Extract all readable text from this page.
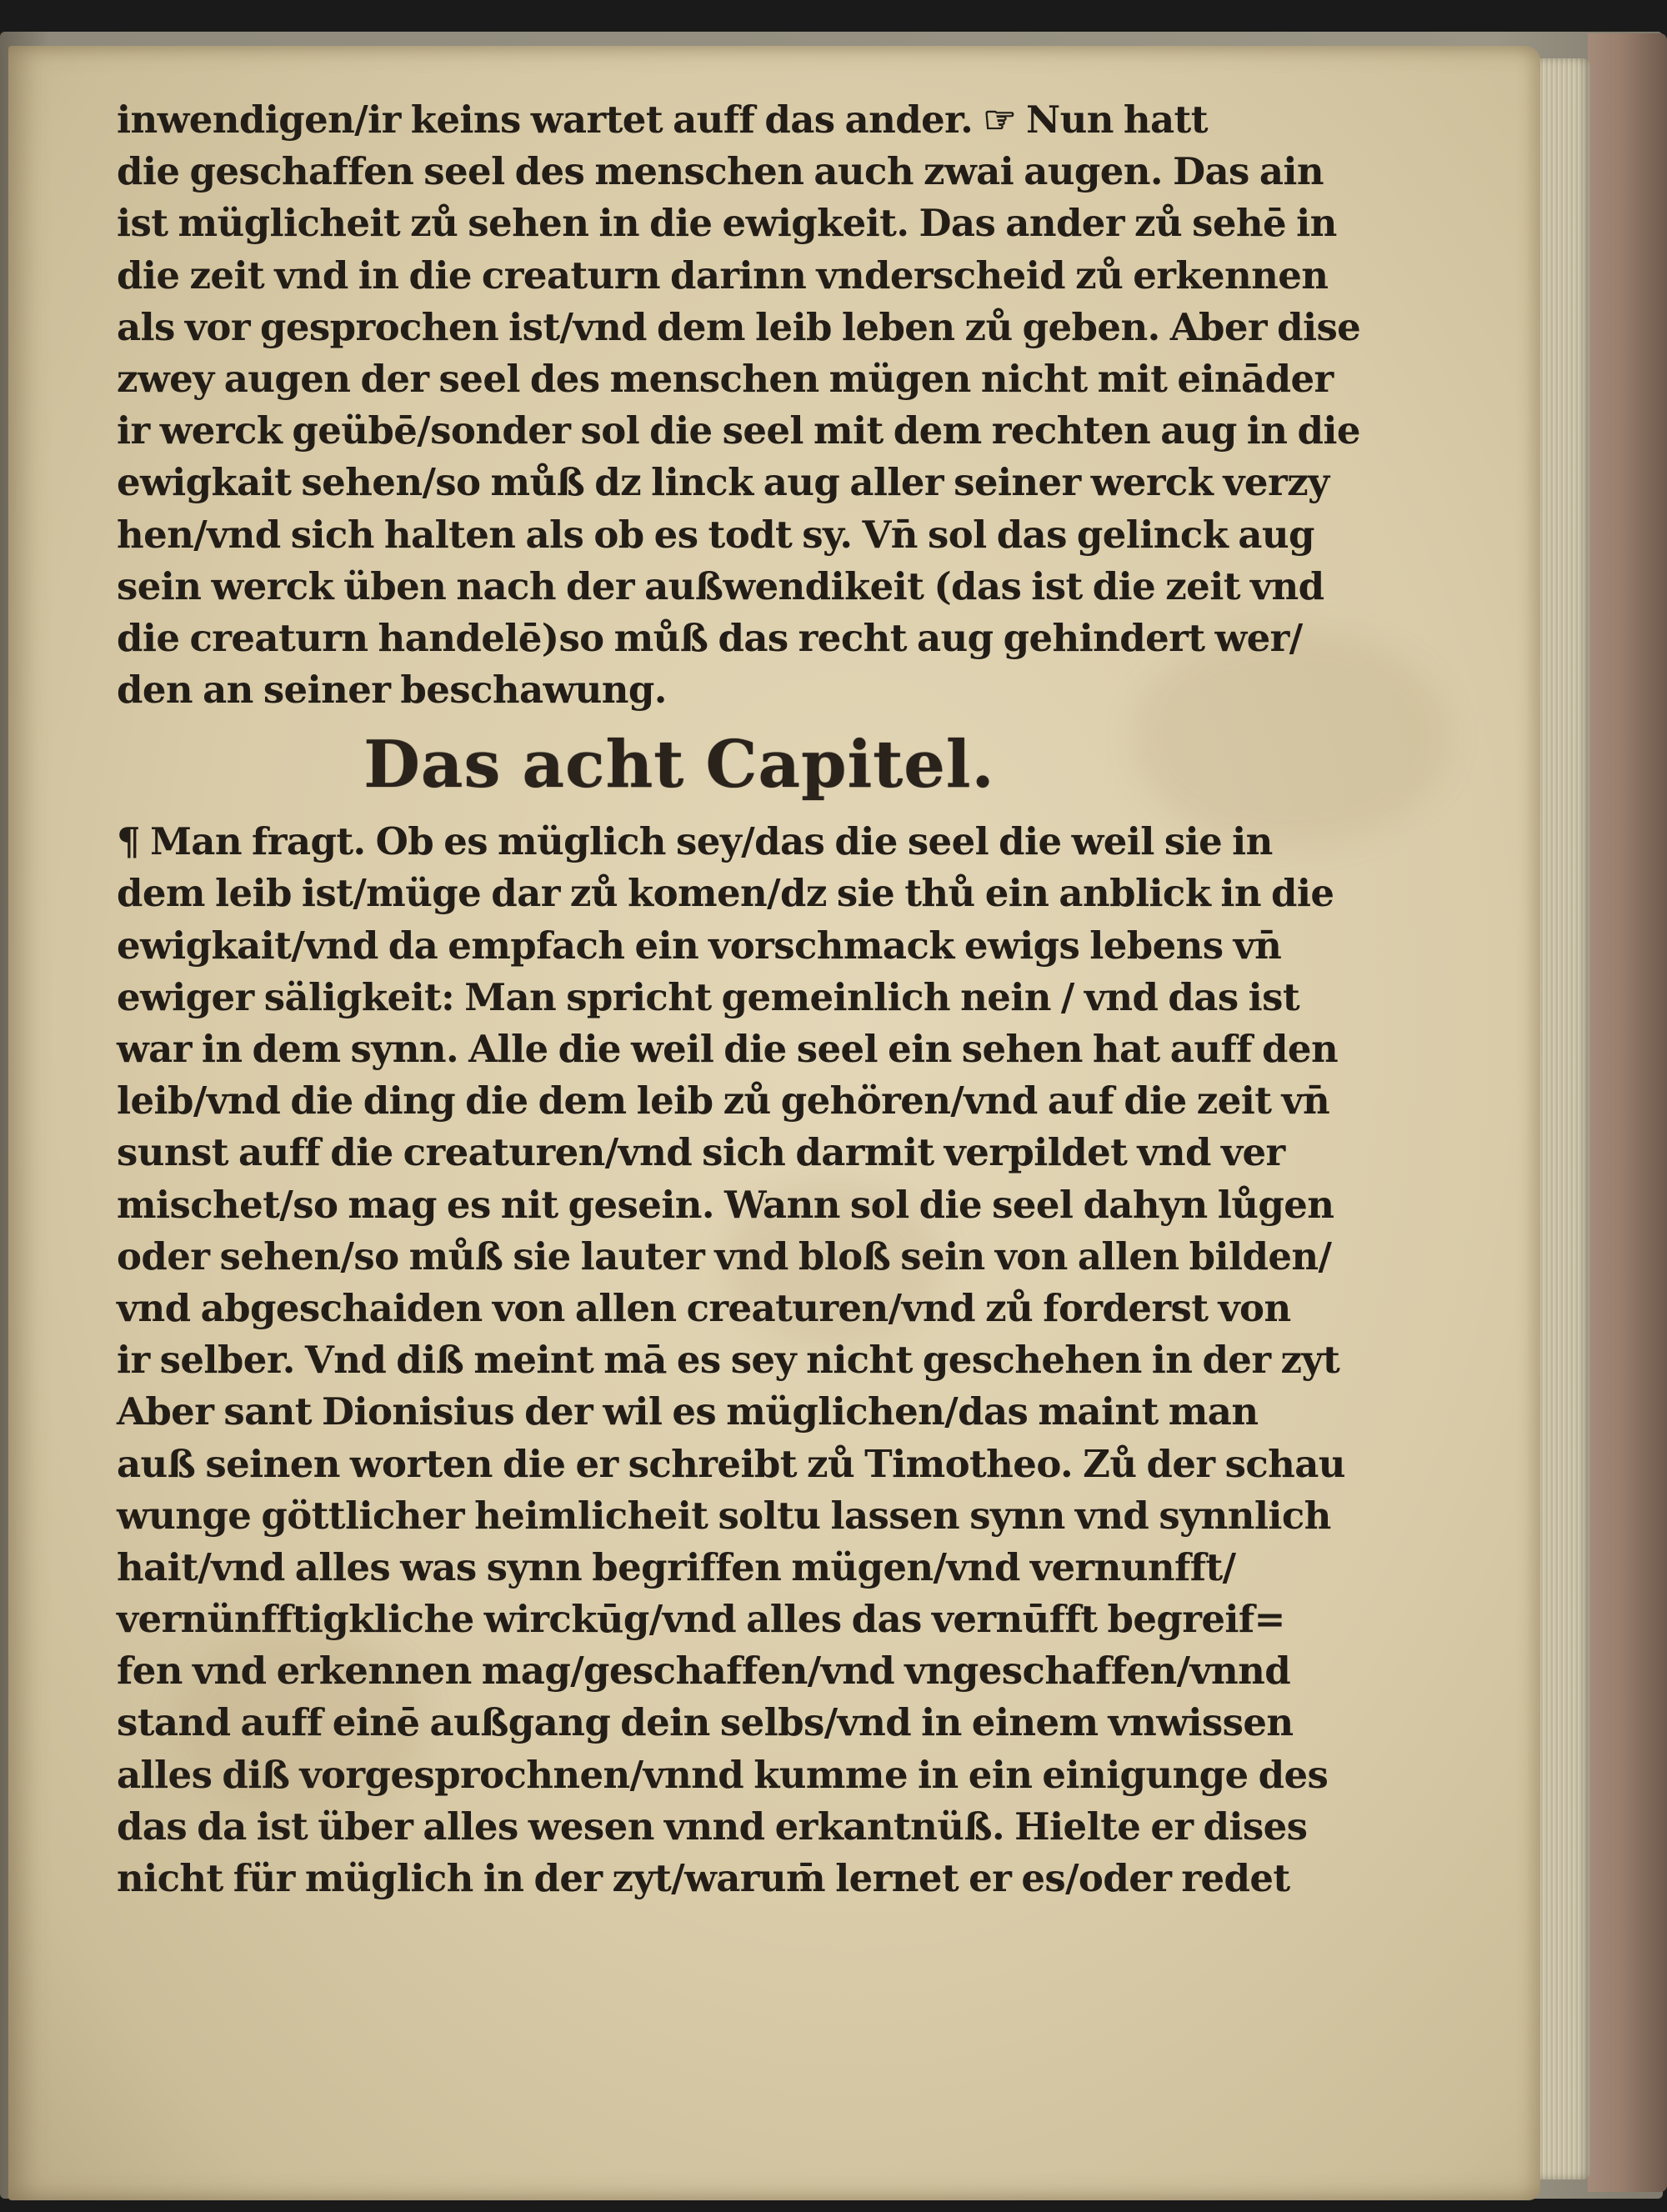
inwendigen/ir keins wartet auff das ander. ☞ Nun hatt
die geschaffen seel des menschen auch zwai augen. Das ain
ist müglicheit zů sehen in die ewigkeit. Das ander zů sehē in
die zeit vnd in die creaturn darinn vnderscheid zů erkennen
als vor gesprochen ist/vnd dem leib leben zů geben. Aber dise
zwey augen der seel des menschen mügen nicht mit eināder
ir werck geübē/sonder sol die seel mit dem rechten aug in die
ewigkait sehen/so můß dz linck aug aller seiner werck verzy
hen/vnd sich halten als ob es todt sy. Vn̄ sol das gelinck aug
sein werck üben nach der außwendikeit (das ist die zeit vnd
die creaturn handelē)so můß das recht aug gehindert wer/
den an seiner beschawung.
Das acht Capitel.
¶ Man fragt. Ob es müglich sey/das die seel die weil sie in
dem leib ist/müge dar zů komen/dz sie thů ein anblick in die
ewigkait/vnd da empfach ein vorschmack ewigs lebens vn̄
ewiger säligkeit: Man spricht gemeinlich nein / vnd das ist
war in dem synn. Alle die weil die seel ein sehen hat auff den
leib/vnd die ding die dem leib zů gehören/vnd auf die zeit vn̄
sunst auff die creaturen/vnd sich darmit verpildet vnd ver
mischet/so mag es nit gesein. Wann sol die seel dahyn lůgen
oder sehen/so můß sie lauter vnd bloß sein von allen bilden/
vnd abgeschaiden von allen creaturen/vnd zů forderst von
ir selber. Vnd diß meint mā es sey nicht geschehen in der zyt
Aber sant Dionisius der wil es müglichen/das maint man
auß seinen worten die er schreibt zů Timotheo. Zů der schau
wunge göttlicher heimlicheit soltu lassen synn vnd synnlich
hait/vnd alles was synn begriffen mügen/vnd vernunfft/
vernünfftigkliche wirckūg/vnd alles das vernūfft begreif=
fen vnd erkennen mag/geschaffen/vnd vngeschaffen/vnnd
stand auff einē außgang dein selbs/vnd in einem vnwissen
alles diß vorgesprochnen/vnnd kumme in ein einigunge des
das da ist über alles wesen vnnd erkantnüß. Hielte er dises
nicht für müglich in der zyt/warum̄ lernet er es/oder redet
